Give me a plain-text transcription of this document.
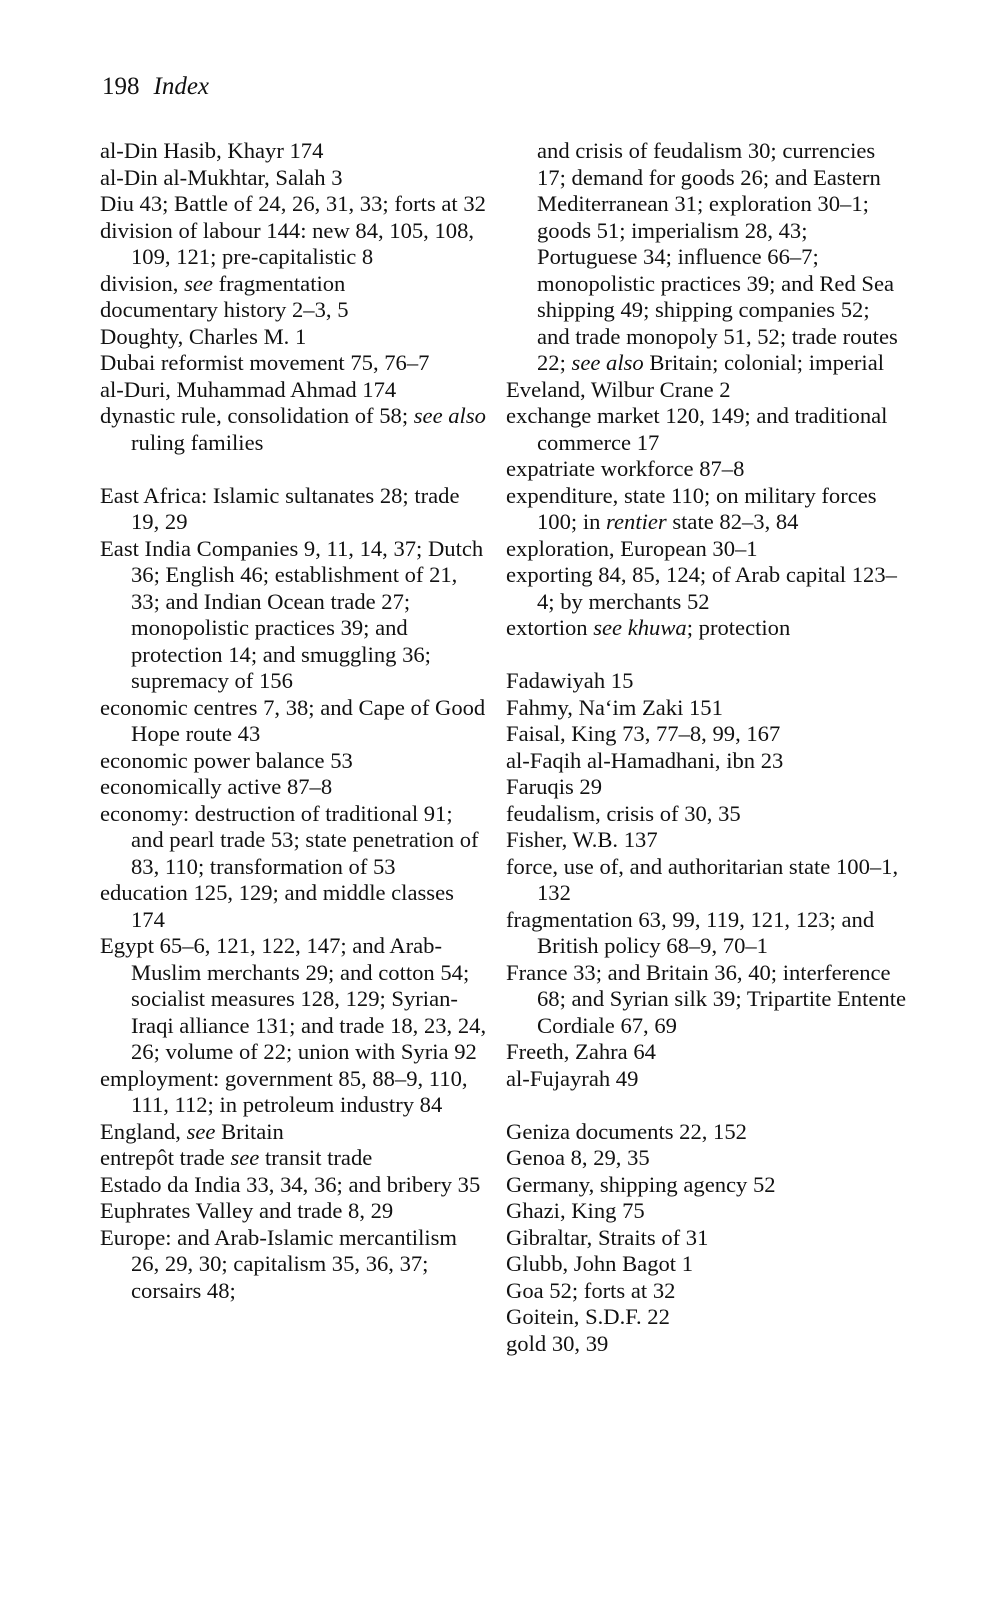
198 Index
al-Din Hasib, Khayr 174
al-Din al-Mukhtar, Salah 3
Diu 43; Battle of 24, 26, 31, 33; forts at 32
division of labour 144: new 84, 105, 108, 109, 121; pre-capitalistic 8
division, see fragmentation
documentary history 2–3, 5
Doughty, Charles M. 1
Dubai reformist movement 75, 76–7
al-Duri, Muhammad Ahmad 174
dynastic rule, consolidation of 58; see also ruling families
East Africa: Islamic sultanates 28; trade 19, 29
East India Companies 9, 11, 14, 37; Dutch 36; English 46; establishment of 21, 33; and Indian Ocean trade 27; monopolistic practices 39; and protection 14; and smuggling 36; supremacy of 156
economic centres 7, 38; and Cape of Good Hope route 43
economic power balance 53
economically active 87–8
economy: destruction of traditional 91; and pearl trade 53; state penetration of 83, 110; transformation of 53
education 125, 129; and middle classes 174
Egypt 65–6, 121, 122, 147; and Arab-Muslim merchants 29; and cotton 54; socialist measures 128, 129; Syrian-Iraqi alliance 131; and trade 18, 23, 24, 26; volume of 22; union with Syria 92
employment: government 85, 88–9, 110, 111, 112; in petroleum industry 84
England, see Britain
entrepôt trade see transit trade
Estado da India 33, 34, 36; and bribery 35
Euphrates Valley and trade 8, 29
Europe: and Arab-Islamic mercantilism 26, 29, 30; capitalism 35, 36, 37; corsairs 48;
and crisis of feudalism 30; currencies 17; demand for goods 26; and Eastern Mediterranean 31; exploration 30–1; goods 51; imperialism 28, 43; Portuguese 34; influence 66–7; monopolistic practices 39; and Red Sea shipping 49; shipping companies 52; and trade monopoly 51, 52; trade routes 22; see also Britain; colonial; imperial
Eveland, Wilbur Crane 2
exchange market 120, 149; and traditional commerce 17
expatriate workforce 87–8
expenditure, state 110; on military forces 100; in rentier state 82–3, 84
exploration, European 30–1
exporting 84, 85, 124; of Arab capital 123–4; by merchants 52
extortion see khuwa; protection
Fadawiyah 15
Fahmy, Na‘im Zaki 151
Faisal, King 73, 77–8, 99, 167
al-Faqih al-Hamadhani, ibn 23
Faruqis 29
feudalism, crisis of 30, 35
Fisher, W.B. 137
force, use of, and authoritarian state 100–1, 132
fragmentation 63, 99, 119, 121, 123; and British policy 68–9, 70–1
France 33; and Britain 36, 40; interference 68; and Syrian silk 39; Tripartite Entente Cordiale 67, 69
Freeth, Zahra 64
al-Fujayrah 49
Geniza documents 22, 152
Genoa 8, 29, 35
Germany, shipping agency 52
Ghazi, King 75
Gibraltar, Straits of 31
Glubb, John Bagot 1
Goa 52; forts at 32
Goitein, S.D.F. 22
gold 30, 39
